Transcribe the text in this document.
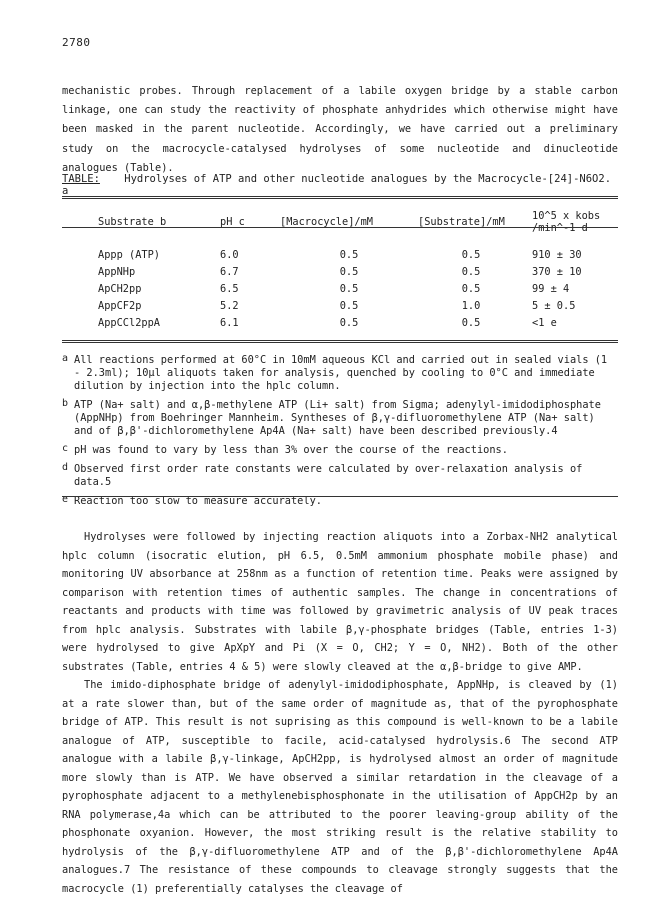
2780

mechanistic probes. Through replacement of a labile oxygen bridge by a stable carbon linkage, one can study the reactivity of phosphate anhydrides which otherwise might have been masked in the parent nucleotide. Accordingly, we have carried out a preliminary study on the macrocycle-catalysed hydrolyses of some nucleotide and dinucleotide analogues (Table).

TABLE: Hydrolyses of ATP and other nucleotide analogues by the Macrocycle-[24]-N6O2. a
Substrate b	pH c	[Macrocycle]/mM	[Substrate]/mM	10^5 x kobs /min^-1 d
Appp (ATP)	6.0	0.5	0.5	910 ± 30
AppNHp	6.7	0.5	0.5	370 ± 10
ApCH2pp	6.5	0.5	0.5	99 ± 4
AppCF2p	5.2	0.5	1.0	5 ± 0.5
AppCCl2ppA	6.1	0.5	0.5	<1 e

a All reactions performed at 60°C in 10mM aqueous KCl and carried out in sealed vials (1 - 2.3ml); 10µl aliquots taken for analysis, quenched by cooling to 0°C and immediate dilution by injection into the hplc column.

b ATP (Na+ salt) and α,β-methylene ATP (Li+ salt) from Sigma; adenylyl-imidodiphosphate (AppNHp) from Boehringer Mannheim. Syntheses of β,γ-difluoromethylene ATP (Na+ salt) and of β,β'-dichloromethylene Ap4A (Na+ salt) have been described previously.4

c pH was found to vary by less than 3% over the course of the reactions.

d Observed first order rate constants were calculated by over-relaxation analysis of data.5

e Reaction too slow to measure accurately.

Hydrolyses were followed by injecting reaction aliquots into a Zorbax-NH2 analytical hplc column (isocratic elution, pH 6.5, 0.5mM ammonium phosphate mobile phase) and monitoring UV absorbance at 258nm as a function of retention time. Peaks were assigned by comparison with retention times of authentic samples. The change in concentrations of reactants and products with time was followed by gravimetric analysis of UV peak traces from hplc analysis. Substrates with labile β,γ-phosphate bridges (Table, entries 1-3) were hydrolysed to give ApXpY and Pi (X = O, CH2; Y = O, NH2). Both of the other substrates (Table, entries 4 & 5) were slowly cleaved at the α,β-bridge to give AMP.

The imido-diphosphate bridge of adenylyl-imidodiphosphate, AppNHp, is cleaved by (1) at a rate slower than, but of the same order of magnitude as, that of the pyrophosphate bridge of ATP. This result is not suprising as this compound is well-known to be a labile analogue of ATP, susceptible to facile, acid-catalysed hydrolysis.6 The second ATP analogue with a labile β,γ-linkage, ApCH2pp, is hydrolysed almost an order of magnitude more slowly than is ATP. We have observed a similar retardation in the cleavage of a pyrophosphate adjacent to a methylenebisphosphonate in the utilisation of AppCH2p by an RNA polymerase,4a which can be attributed to the poorer leaving-group ability of the phosphonate oxyanion. However, the most striking result is the relative stability to hydrolysis of the β,γ-difluoromethylene ATP and of the β,β'-dichloromethylene Ap4A analogues.7 The resistance of these compounds to cleavage strongly suggests that the macrocycle (1) preferentially catalyses the cleavage of
